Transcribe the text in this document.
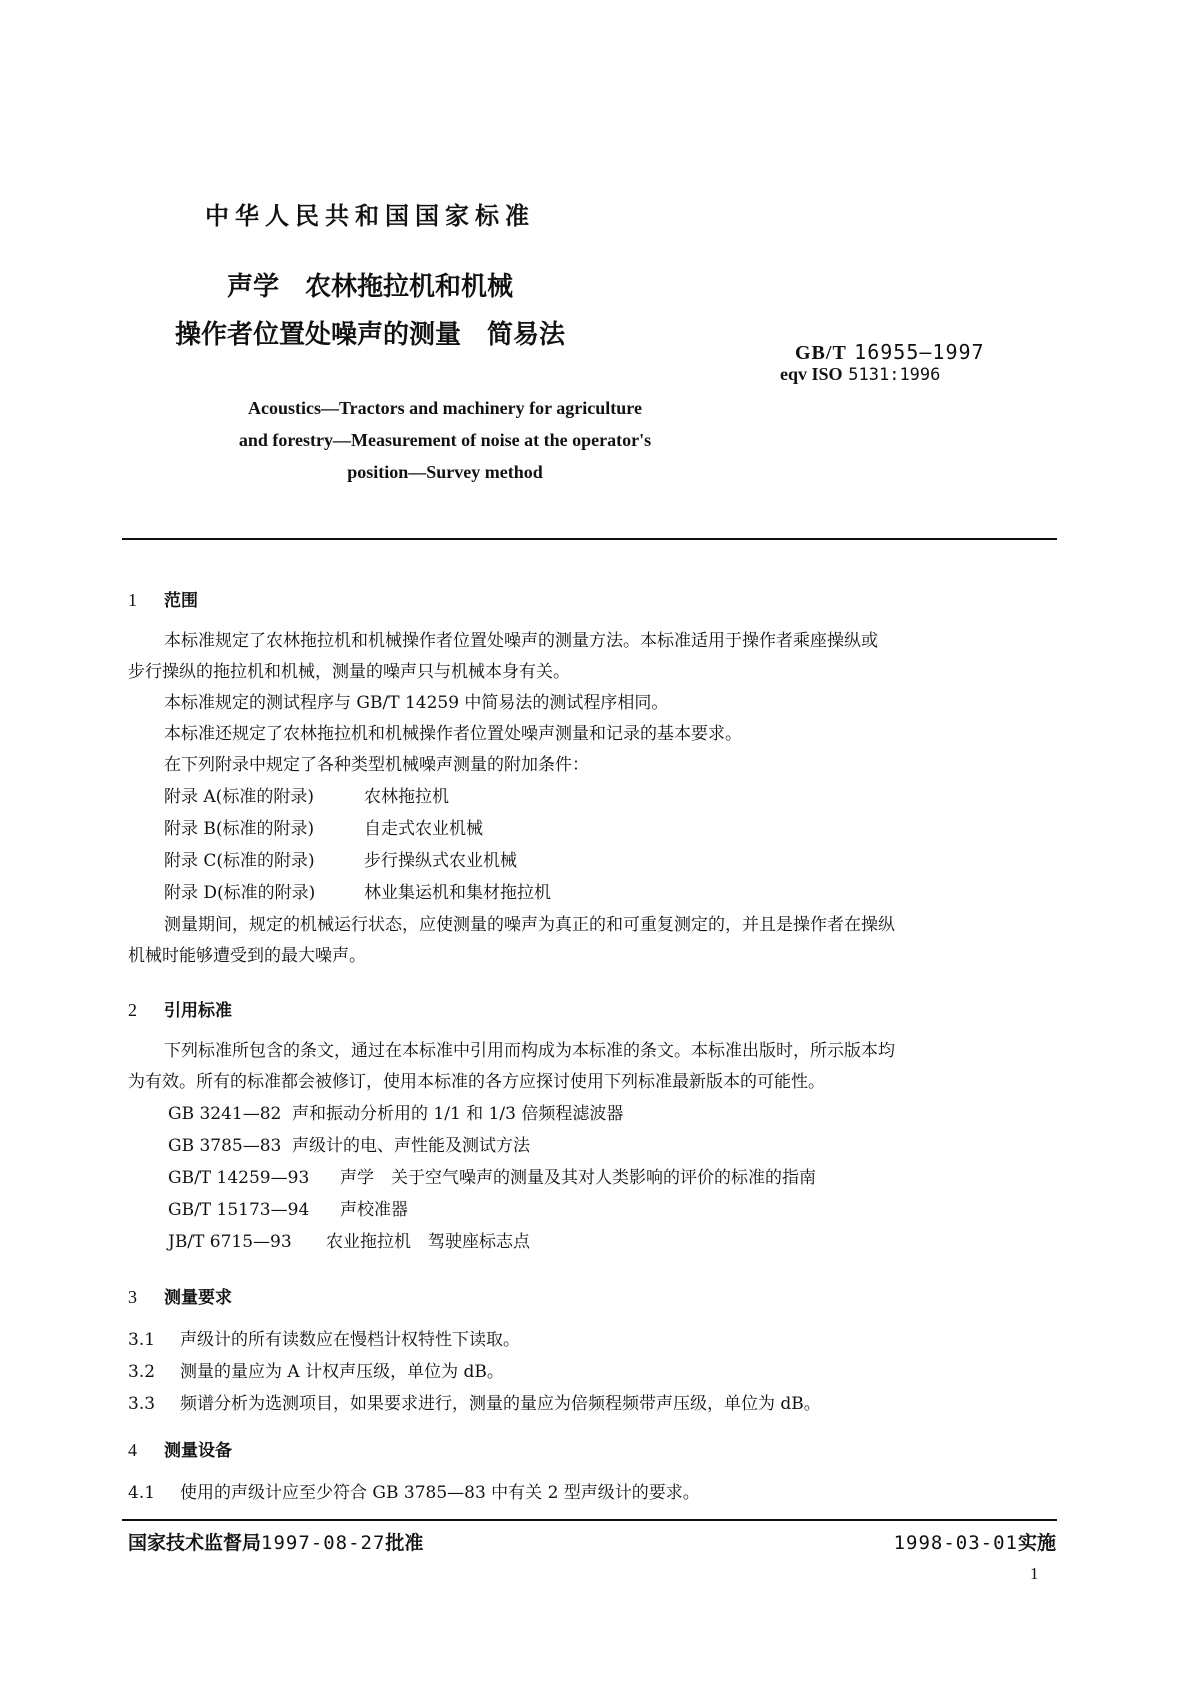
中华人民共和国国家标准
声学　农林拖拉机和机械
操作者位置处噪声的测量　简易法
GB/T 16955—1997
eqv ISO 5131:1996
Acoustics—Tractors and machinery for agriculture
and forestry—Measurement of noise at the operator's
position—Survey method
1 范围
本标准规定了农林拖拉机和机械操作者位置处噪声的测量方法。本标准适用于操作者乘座操纵或
步行操纵的拖拉机和机械，测量的噪声只与机械本身有关。
本标准规定的测试程序与 GB/T 14259 中简易法的测试程序相同。
本标准还规定了农林拖拉机和机械操作者位置处噪声测量和记录的基本要求。
在下列附录中规定了各种类型机械噪声测量的附加条件：
附录 A(标准的附录)	农林拖拉机
附录 B(标准的附录)	自走式农业机械
附录 C(标准的附录)	步行操纵式农业机械
附录 D(标准的附录)	林业集运机和集材拖拉机
测量期间，规定的机械运行状态，应使测量的噪声为真正的和可重复测定的，并且是操作者在操纵
机械时能够遭受到的最大噪声。
2 引用标准
下列标准所包含的条文，通过在本标准中引用而构成为本标准的条文。本标准出版时，所示版本均
为有效。所有的标准都会被修订，使用本标准的各方应探讨使用下列标准最新版本的可能性。
GB 3241—82 声和振动分析用的 1/1 和 1/3 倍频程滤波器
GB 3785—83 声级计的电、声性能及测试方法
GB/T 14259—93 声学　关于空气噪声的测量及其对人类影响的评价的标准的指南
GB/T 15173—94 声校准器
JB/T 6715—93 农业拖拉机　驾驶座标志点
3 测量要求
3.1 声级计的所有读数应在慢档计权特性下读取。
3.2 测量的量应为 A 计权声压级，单位为 dB。
3.3 频谱分析为选测项目，如果要求进行，测量的量应为倍频程频带声压级，单位为 dB。
4 测量设备
4.1 使用的声级计应至少符合 GB 3785—83 中有关 2 型声级计的要求。
国家技术监督局1997-08-27批准	1998-03-01实施
1
